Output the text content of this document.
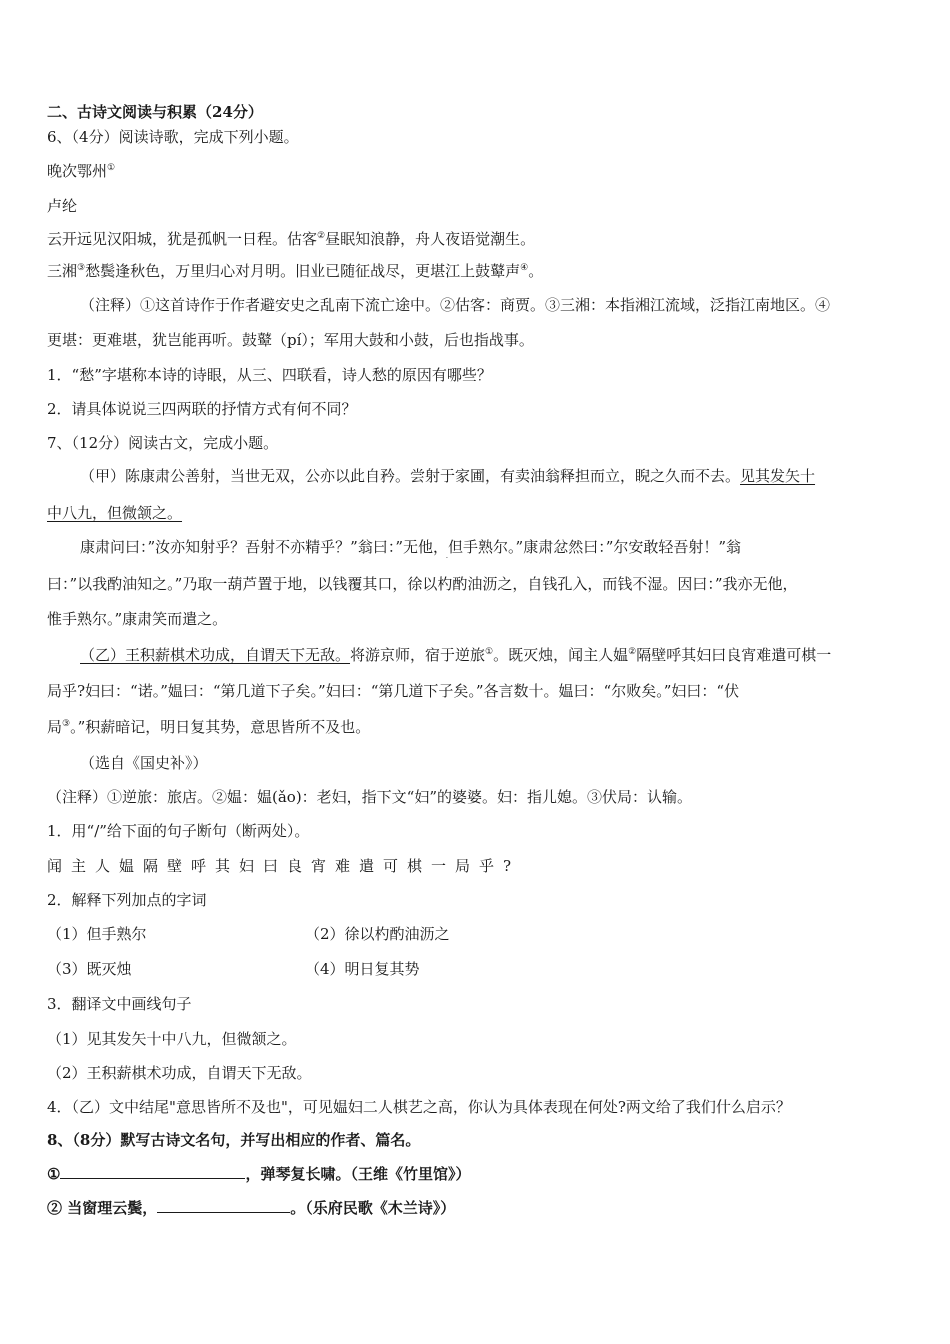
二、古诗文阅读与积累（24分）
6、（4分）阅读诗歌，完成下列小题。
晚次鄂州①
卢纶
云开远见汉阳城，犹是孤帆一日程。估客②昼眠知浪静，舟人夜语觉潮生。
三湘③愁鬓逢秋色，万里归心对月明。旧业已随征战尽，更堪江上鼓鼙声④。
（注释）①这首诗作于作者避安史之乱南下流亡途中。②估客：商贾。③三湘：本指湘江流域，泛指江南地区。④
更堪：更难堪，犹岂能再听。鼓鼙（pí）；军用大鼓和小鼓，后也指战事。
1．“愁”字堪称本诗的诗眼，从三、四联看，诗人愁的原因有哪些？
2．请具体说说三四两联的抒情方式有何不同？
7、（12分）阅读古文，完成小题。
（甲）陈康肃公善射，当世无双，公亦以此自矜。尝射于家圃，有卖油翁释担而立，睨之久而不去。见其发矢十
中八九，但微颔之。
康肃问曰：”汝亦知射乎？吾射不亦精乎？”翁曰：”无他，但 .手熟尔。”康肃忿然曰：”尔安敢轻吾射！”翁
曰：”以我酌油知之。”乃取一葫芦置于地，以钱覆其口，徐以杓酌油沥之，自钱孔入，而钱不湿。因曰：”我亦无他，
惟手熟尔。”康肃笑而遣之。
（乙）王积薪棋术功成，自谓天下无敌。将游京师，宿于逆旅①。既灭烛，闻主人媪②隔壁呼其妇曰良宵难遣可棋一
局乎?妇曰：“诺。”媪曰：“第几道下子矣。”妇曰：“第几道下子矣。”各言数十。媪曰：“尔败矣。”妇曰：“伏
局③。”积薪暗记，明日复其势，意思皆所不及也。
（选自《国史补》）
（注释）①逆旅：旅店。②媪：媪(ǎo)：老妇，指下文“妇”的婆婆。妇：指儿媳。③伏局：认输。
1．用“/”给下面的句子断句（断两处）。
闻主人媪隔壁呼其妇曰良宵难遣可棋一局乎?
2．解释下列加点的字词
（1）但手熟尔	（2）徐以杓酌油沥之
（3）既灭烛	（4）明日复其势
3．翻译文中画线句子
（1）见其发矢十中八九，但微颔之。
（2）王积薪棋术功成，自谓天下无敌。
4．（乙）文中结尾"意思皆所不及也"，可见媪妇二人棋艺之高，你认为具体表现在何处?两文给了我们什么启示？
8、（8分）默写古诗文名句，并写出相应的作者、篇名。
①	，弹琴复长啸。（王维《竹里馆》）
② 当窗理云鬓，	。（乐府民歌《木兰诗》）
